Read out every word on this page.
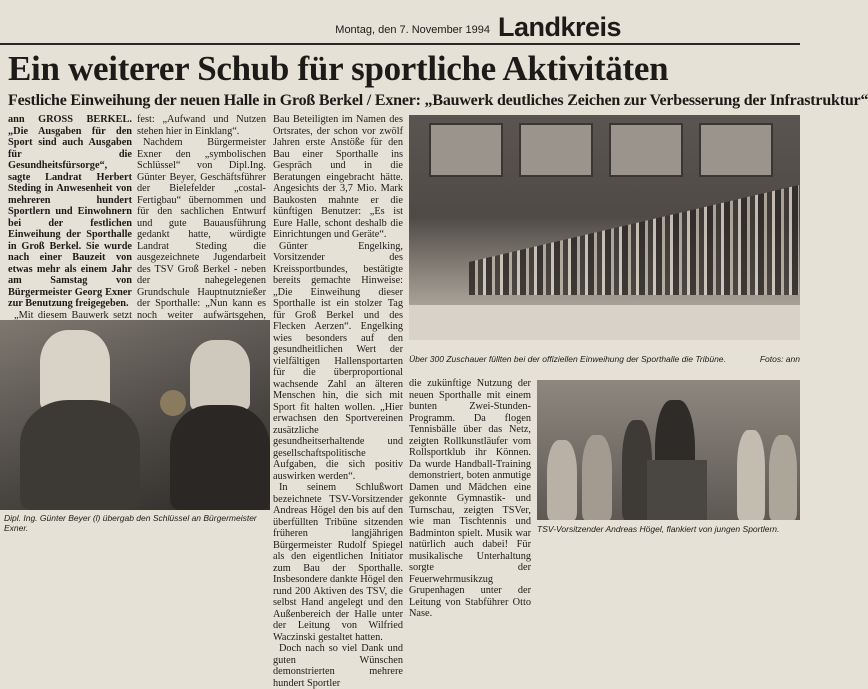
Montag, den 7. November 1994 Landkreis
Ein weiterer Schub für sportliche Aktivitäten
Festliche Einweihung der neuen Halle in Groß Berkel / Exner: „Bauwerk deutliches Zeichen zur Verbesserung der Infrastruktur“

ann GROSS BERKEL. „Die Ausgaben für den Sport sind auch Ausgaben für die Gesundheitsfürsorge“, sagte Landrat Herbert Steding in Anwesenheit von mehreren hundert Sportlern und Einwohnern bei der festlichen Einweihung der Sporthalle in Groß Berkel. Sie wurde nach einer Bauzeit von etwas mehr als einem Jahr am Samstag von Bürgermeister Georg Exner zur Benutzung freigegeben.

„Mit diesem Bauwerk setzt

fest: „Aufwand und Nutzen stehen hier in Einklang“.

Nachdem Bürgermeister Exner den „symbolischen Schlüssel“ von Dipl.Ing. Günter Beyer, Geschäftsführer der Bielefelder „costal-Fertigbau“ übernommen und für den sachlichen Entwurf und gute Bauausführung gedankt hatte, würdigte Landrat Steding die ausgezeichnete Jugendarbeit des TSV Groß Berkel - neben der nahegelegenen Grundschule Hauptnutznießer der Sporthalle: „Nun kann es noch weiter aufwärtsgehen,

Bau Beteiligten im Namen des Ortsrates, der schon vor zwölf Jahren erste Anstöße für den Bau einer Sporthalle ins Gespräch und in die Beratungen eingebracht hätte. Angesichts der 3,7 Mio. Mark Baukosten mahnte er die künftigen Benutzer: „Es ist Eure Halle, schont deshalb die Einrichtungen und Geräte“.

Günter Engelking, Vorsitzender des Kreissportbundes, bestätigte bereits gemachte Hinweise: „Die Einweihung dieser Sporthalle ist ein stolzer Tag für Groß Berkel und des Flecken Aerzen“. Engelking wies besonders auf den gesundheitlichen Wert der vielfältigen Hallensportarten für die überproportional wachsende Zahl an älteren Menschen hin, die sich mit Sport fit halten wollen. „Hier erwachsen den Sportvereinen zusätzliche gesundheitserhaltende und gesellschaftspolitische Aufgaben, die sich positiv auswirken werden“.

In seinem Schlußwort bezeichnete TSV-Vorsitzender Andreas Högel den bis auf den überfüllten Tribüne sitzenden früheren langjährigen Bürgermeister Rudolf Spiegel als den eigentlichen Initiator zum Bau der Sporthalle. Insbesondere dankte Högel den rund 200 Aktiven des TSV, die selbst Hand angelegt und den Außenbereich der Halle unter der Leitung von Wilfried Waczinski gestaltet hatten.

Doch nach so viel Dank und guten Wünschen demonstrierten mehrere hundert Sportler

die zukünftige Nutzung der neuen Sporthalle mit einem bunten Zwei-Stunden-Programm. Da flogen Tennisbälle über das Netz, zeigten Rollkunstläufer vom Rollsportklub ihr Können. Da wurde Handball-Training demonstriert, boten anmutige Damen und Mädchen eine gekonnte Gymnastik- und Turnschau, zeigten TSVer, wie man Tischtennis und Badminton spielt. Musik war natürlich auch dabei! Für musikalische Unterhaltung sorgte der Feuerwehrmusikzug Grupenhagen unter der Leitung von Stabführer Otto Nase.

Dipl. Ing. Günter Beyer (l) übergab den Schlüssel an Bürgermeister Exner.
Über 300 Zuschauer füllten bei der offiziellen Einweihung der Sporthalle die Tribüne.	Fotos: ann
TSV-Vorsitzender Andreas Högel, flankiert von jungen Sportlern.
